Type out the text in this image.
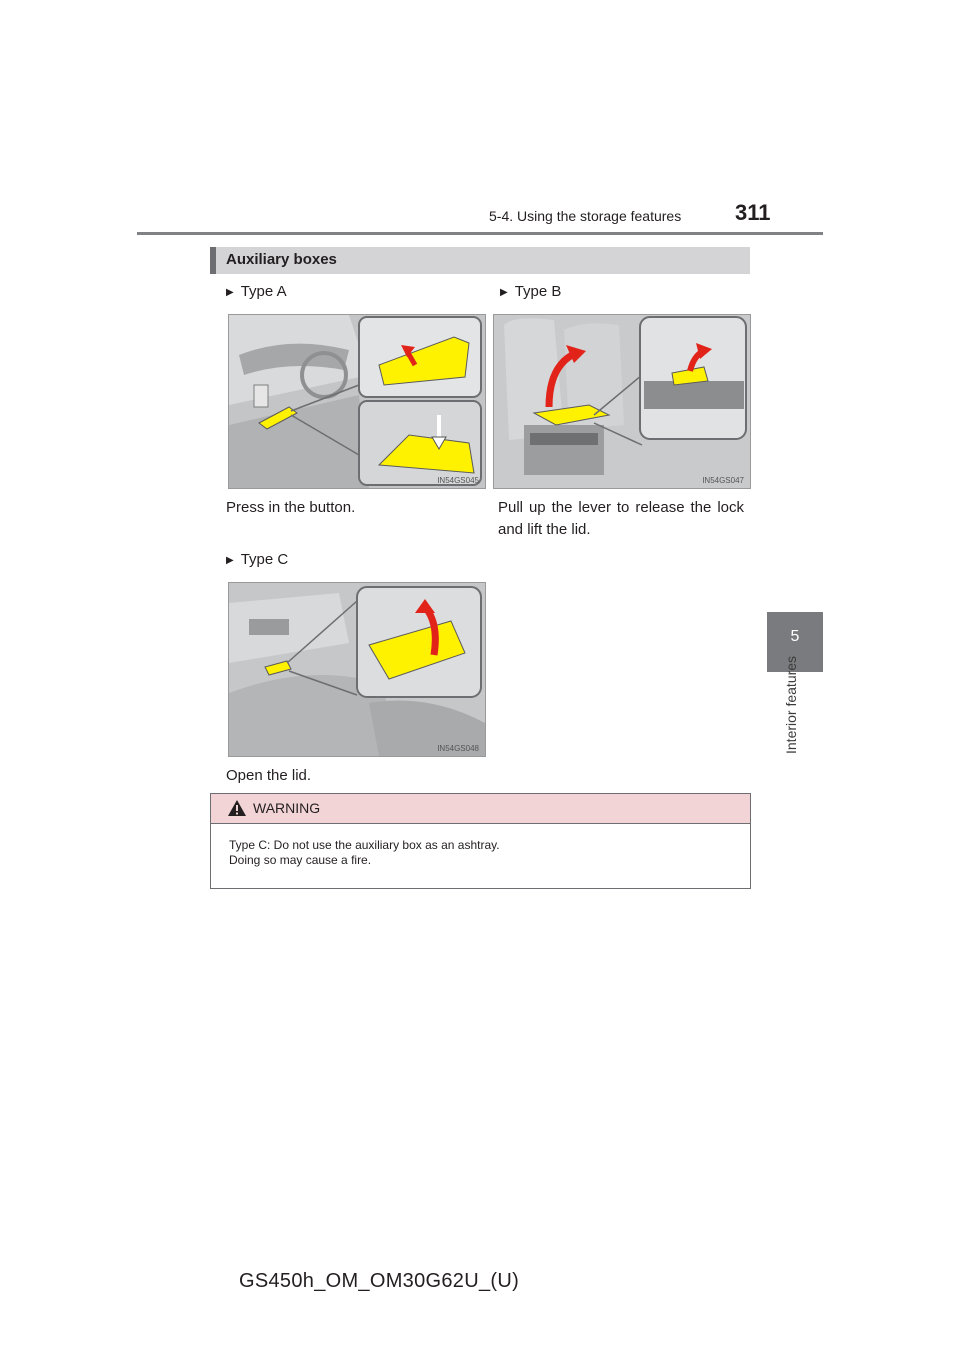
5-4. Using the storage features 311
5
Interior features
Auxiliary boxes
▶ Type A
IN54GS045
Press in the button.
▶ Type B
IN54GS047
Pull up the lever to release the lock and lift the lid.
▶ Type C
IN54GS048
Open the lid.
WARNING
Type C: Do not use the auxiliary box as an ashtray.
Doing so may cause a fire.
GS450h_OM_OM30G62U_(U)
